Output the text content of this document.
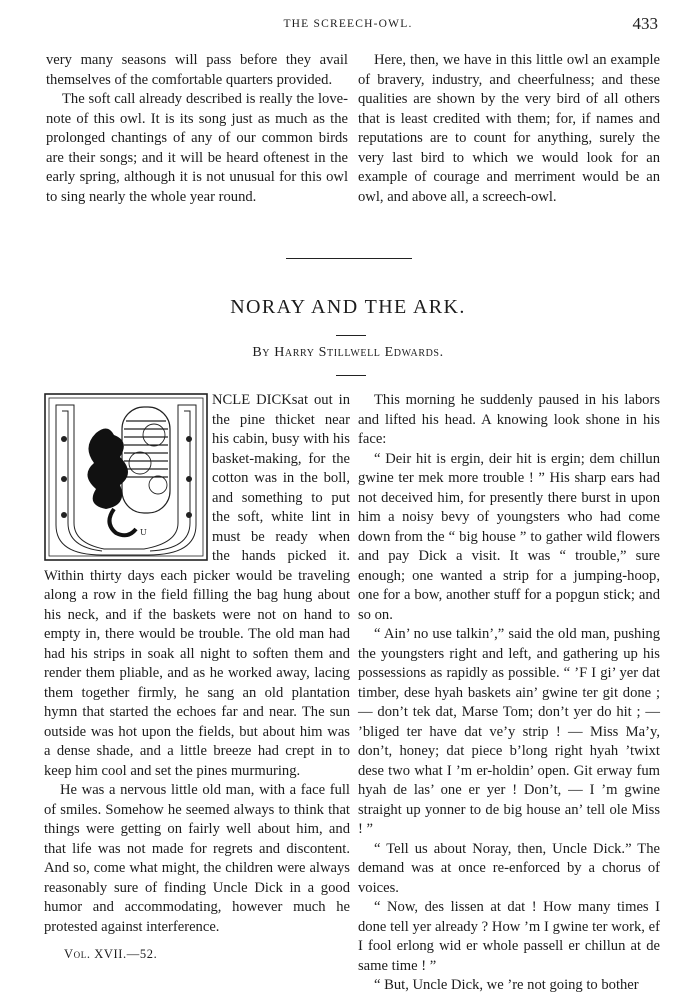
THE SCREECH-OWL.	433

very many seasons will pass before they avail themselves of the comfortable quarters provided.

The soft call already described is really the love-note of this owl. It is its song just as much as the prolonged chantings of any of our common birds are their songs; and it will be heard oftenest in the early spring, although it is not unusual for this owl to sing nearly the whole year round.

Here, then, we have in this little owl an example of bravery, industry, and cheerfulness; and these qualities are shown by the very bird of all others that is least credited with them; for, if names and reputations are to count for anything, surely the very last bird to which we would look for an example of courage and merriment would be an owl, and above all, a screech-owl.

NORAY AND THE ARK.
By Harry Stillwell Edwards.
U

NCLE DICKsat out in the pine thicket near his cabin, busy with his basket-making, for the cotton was in the boll, and something to put the soft, white lint in must be ready when the hands picked it. Within thirty days each picker would be traveling along a row in the field filling the bag hung about his neck, and if the baskets were not on hand to empty in, there would be trouble. The old man had had his strips in soak all night to soften them and render them pliable, and as he worked away, lacing them together firmly, he sang an old plantation hymn that started the echoes far and near. The sun outside was hot upon the fields, but about him was a dense shade, and a little breeze had crept in to keep him cool and set the pines murmuring.

He was a nervous little old man, with a face full of smiles. Somehow he seemed always to think that things were getting on fairly well about him, and that life was not made for regrets and discontent. And so, come what might, the children were always reasonably sure of finding Uncle Dick in a good humor and accommodating, however much he protested against interference.

This morning he suddenly paused in his labors and lifted his head. A knowing look shone in his face:

“ Deir hit is ergin, deir hit is ergin; dem chillun gwine ter mek more trouble ! ” His sharp ears had not deceived him, for presently there burst in upon him a noisy bevy of youngsters who had come down from the “ big house ” to gather wild flowers and pay Dick a visit. It was “ trouble,” sure enough; one wanted a strip for a jumping-hoop, one for a bow, another stuff for a popgun stick; and so on.

“ Ain’ no use talkin’,” said the old man, pushing the youngsters right and left, and gathering up his possessions as rapidly as possible. “ ’F I gi’ yer dat timber, dese hyah baskets ain’ gwine ter git done ; — don’t tek dat, Marse Tom; don’t yer do hit ; — ’bliged ter have dat ve’y strip ! — Miss Ma’y, don’t, honey; dat piece b’long right hyah ’twixt dese two what I ’m er-holdin’ open. Git erway fum hyah de las’ one er yer ! Don’t, — I ’m gwine straight up yonner to de big house an’ tell ole Miss ! ”

“ Tell us about Noray, then, Uncle Dick.” The demand was at once re-enforced by a chorus of voices.

“ Now, des lissen at dat ! How many times I done tell yer already ? How ’m I gwine ter work, ef I fool erlong wid er whole passell er chillun at de same time ! ”

“ But, Uncle Dick, we ’re not going to bother

Vol. XVII.—52.
